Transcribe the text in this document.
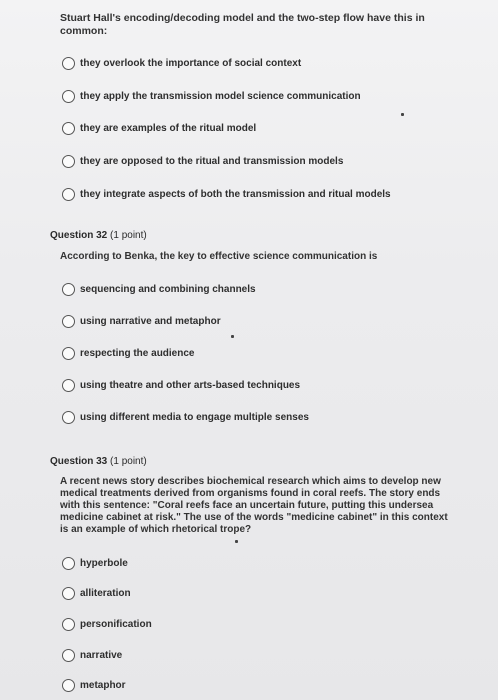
Stuart Hall's encoding/decoding model and the two-step flow have this in common:
they overlook the importance of social context
they apply the transmission model science communication
they are examples of the ritual model
they are opposed to the ritual and transmission models
they integrate aspects of both the transmission and ritual models
Question 32 (1 point)
According to Benka, the key to effective science communication is
sequencing and combining channels
using narrative and metaphor
respecting the audience
using theatre and other arts-based techniques
using different media to engage multiple senses
Question 33 (1 point)
A recent news story describes biochemical research which aims to develop new
medical treatments derived from organisms found in coral reefs. The story ends
with this sentence: "Coral reefs face an uncertain future, putting this undersea
medicine cabinet at risk." The use of the words "medicine cabinet" in this context
is an example of which rhetorical trope?
hyperbole
alliteration
personification
narrative
metaphor
